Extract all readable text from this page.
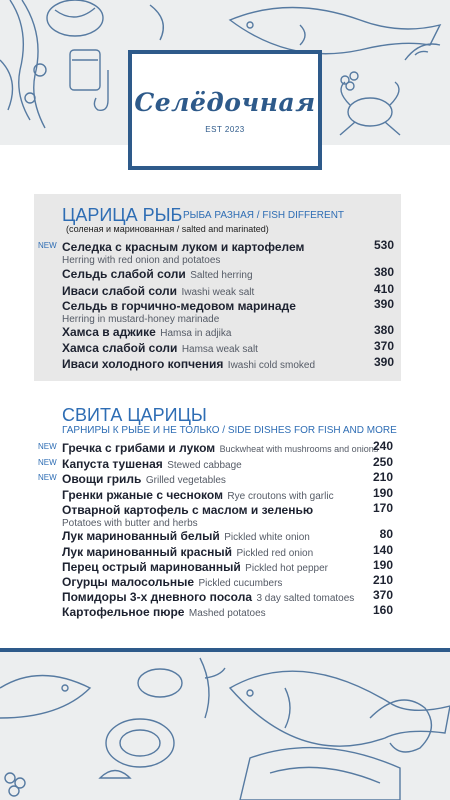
Селёдочная
EST 2023
ЦАРИЦА РЫБ РЫБА РАЗНАЯ / FISH DIFFERENT
(соленая и маринованная / salted and marinated)
NEW Селедка с красным луком и картофелем
Herring with red onion and potatoes
530
Сельдь слабой соли Salted herring	380
Иваси слабой соли Iwashi weak salt	410
Сельдь в горчично-медовом маринаде
Herring in mustard-honey marinade
390
Хамса в аджике Hamsa in adjika	380
Хамса слабой соли Hamsa weak salt	370
Иваси холодного копчения Iwashi cold smoked	390
СВИТА ЦАРИЦЫ
ГАРНИРЫ К РЫБЕ И НЕ ТОЛЬКО / SIDE DISHES FOR FISH AND MORE
NEW Гречка с грибами и луком Buckwheat with mushrooms and onions
240
NEW Капуста тушеная Stewed cabbage	250
NEW Овощи гриль Grilled vegetables	210
Гренки ржаные с чесноком Rye croutons with garlic	190
Отварной картофель с маслом и зеленью
Potatoes with butter and herbs
170
Лук маринованный белый Pickled white onion	80
Лук маринованный красный Pickled red onion	140
Перец острый маринованный Pickled hot pepper	190
Огурцы малосольные Pickled cucumbers	210
Помидоры 3-х дневного посола 3 day salted tomatoes	370
Картофельное пюре Mashed potatoes	160
